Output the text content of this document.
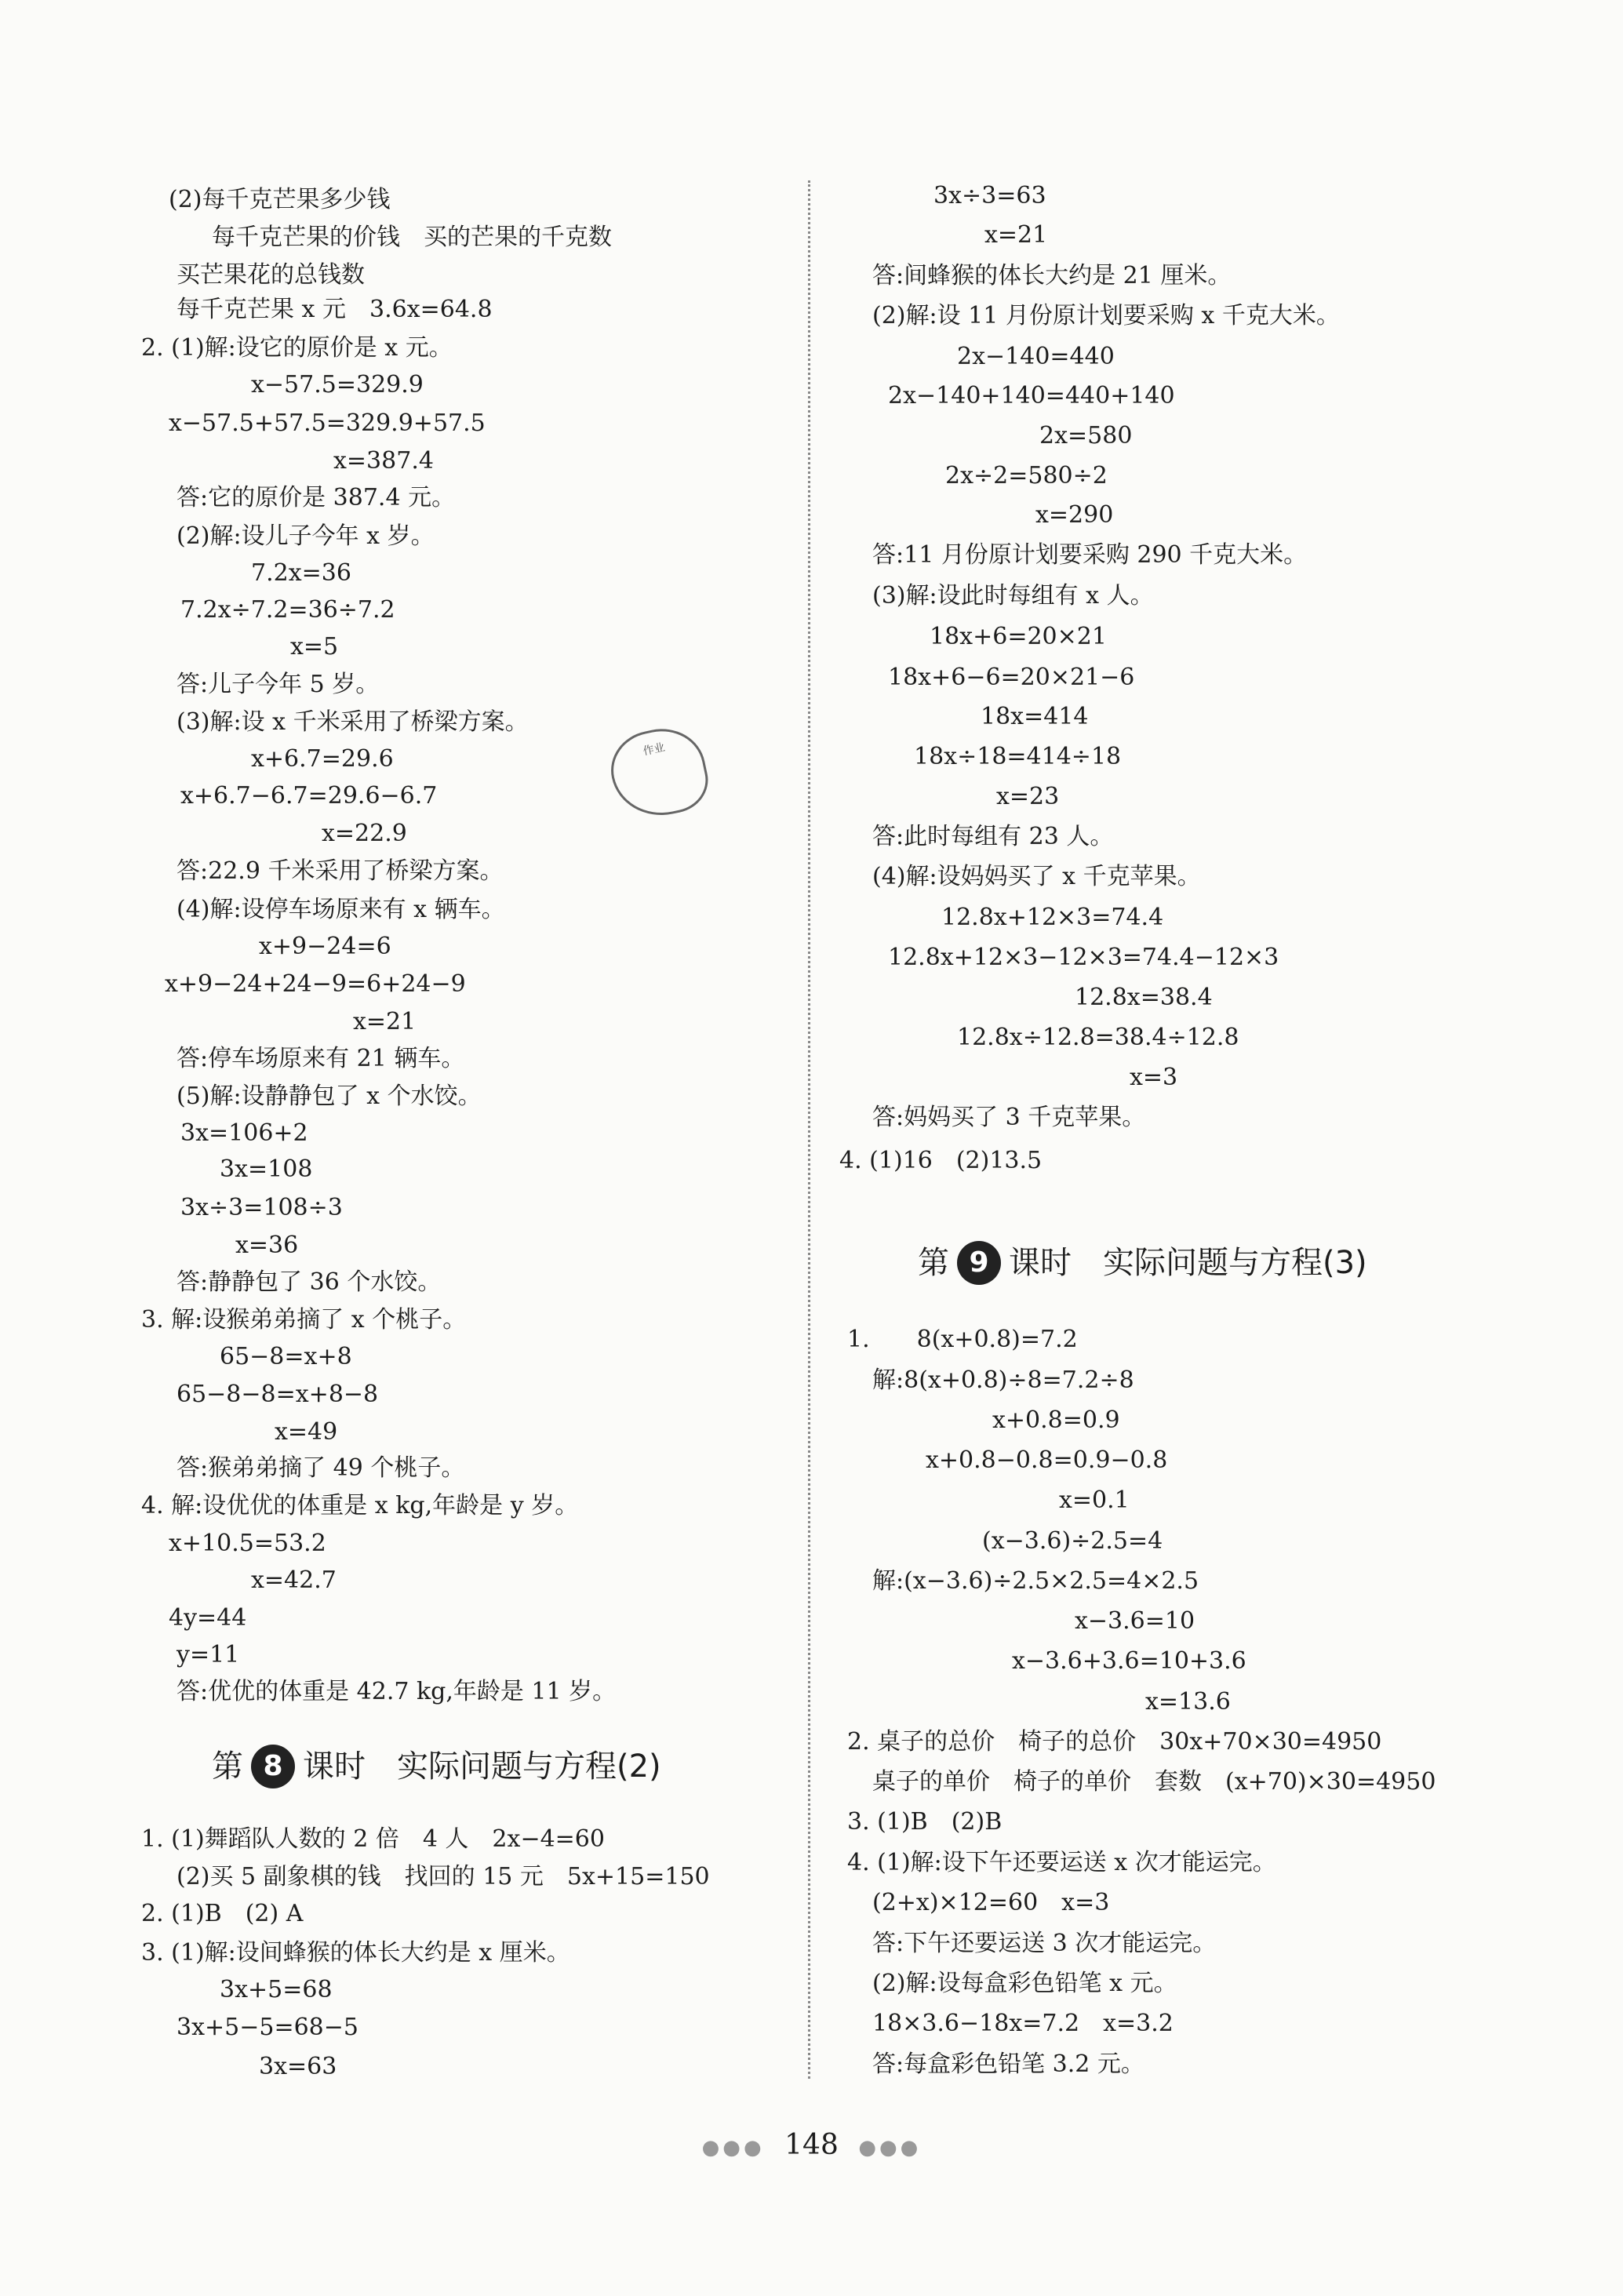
第 8 课时 实际问题与方程(2)
第 9 课时 实际问题与方程(3)
作业
●●● 148 ●●●
(2)每千克芒果多少钱
每千克芒果的价钱　买的芒果的千克数
买芒果花的总钱数
每千克芒果 x 元　3.6x=64.8
2. (1)解:设它的原价是 x 元。
x−57.5=329.9
x−57.5+57.5=329.9+57.5
x=387.4
答:它的原价是 387.4 元。
(2)解:设儿子今年 x 岁。
7.2x=36
7.2x÷7.2=36÷7.2
x=5
答:儿子今年 5 岁。
(3)解:设 x 千米采用了桥梁方案。
x+6.7=29.6
x+6.7−6.7=29.6−6.7
x=22.9
答:22.9 千米采用了桥梁方案。
(4)解:设停车场原来有 x 辆车。
x+9−24=6
x+9−24+24−9=6+24−9
x=21
答:停车场原来有 21 辆车。
(5)解:设静静包了 x 个水饺。
3x=106+2
3x=108
3x÷3=108÷3
x=36
答:静静包了 36 个水饺。
3. 解:设猴弟弟摘了 x 个桃子。
65−8=x+8
65−8−8=x+8−8
x=49
答:猴弟弟摘了 49 个桃子。
4. 解:设优优的体重是 x kg,年龄是 y 岁。
x+10.5=53.2
x=42.7
4y=44
y=11
答:优优的体重是 42.7 kg,年龄是 11 岁。
1. (1)舞蹈队人数的 2 倍　4 人　2x−4=60
(2)买 5 副象棋的钱　找回的 15 元　5x+15=150
2. (1)B　(2) A
3. (1)解:设间蜂猴的体长大约是 x 厘米。
3x+5=68
3x+5−5=68−5
3x=63
3x÷3=63
x=21
答:间蜂猴的体长大约是 21 厘米。
(2)解:设 11 月份原计划要采购 x 千克大米。
2x−140=440
2x−140+140=440+140
2x=580
2x÷2=580÷2
x=290
答:11 月份原计划要采购 290 千克大米。
(3)解:设此时每组有 x 人。
18x+6=20×21
18x+6−6=20×21−6
18x=414
18x÷18=414÷18
x=23
答:此时每组有 23 人。
(4)解:设妈妈买了 x 千克苹果。
12.8x+12×3=74.4
12.8x+12×3−12×3=74.4−12×3
12.8x=38.4
12.8x÷12.8=38.4÷12.8
x=3
答:妈妈买了 3 千克苹果。
4. (1)16　(2)13.5
1.　　8(x+0.8)=7.2
解:8(x+0.8)÷8=7.2÷8
x+0.8=0.9
x+0.8−0.8=0.9−0.8
x=0.1
(x−3.6)÷2.5=4
解:(x−3.6)÷2.5×2.5=4×2.5
x−3.6=10
x−3.6+3.6=10+3.6
x=13.6
2. 桌子的总价　椅子的总价　30x+70×30=4950
桌子的单价　椅子的单价　套数　(x+70)×30=4950
3. (1)B　(2)B
4. (1)解:设下午还要运送 x 次才能运完。
(2+x)×12=60　x=3
答:下午还要运送 3 次才能运完。
(2)解:设每盒彩色铅笔 x 元。
18×3.6−18x=7.2　x=3.2
答:每盒彩色铅笔 3.2 元。
